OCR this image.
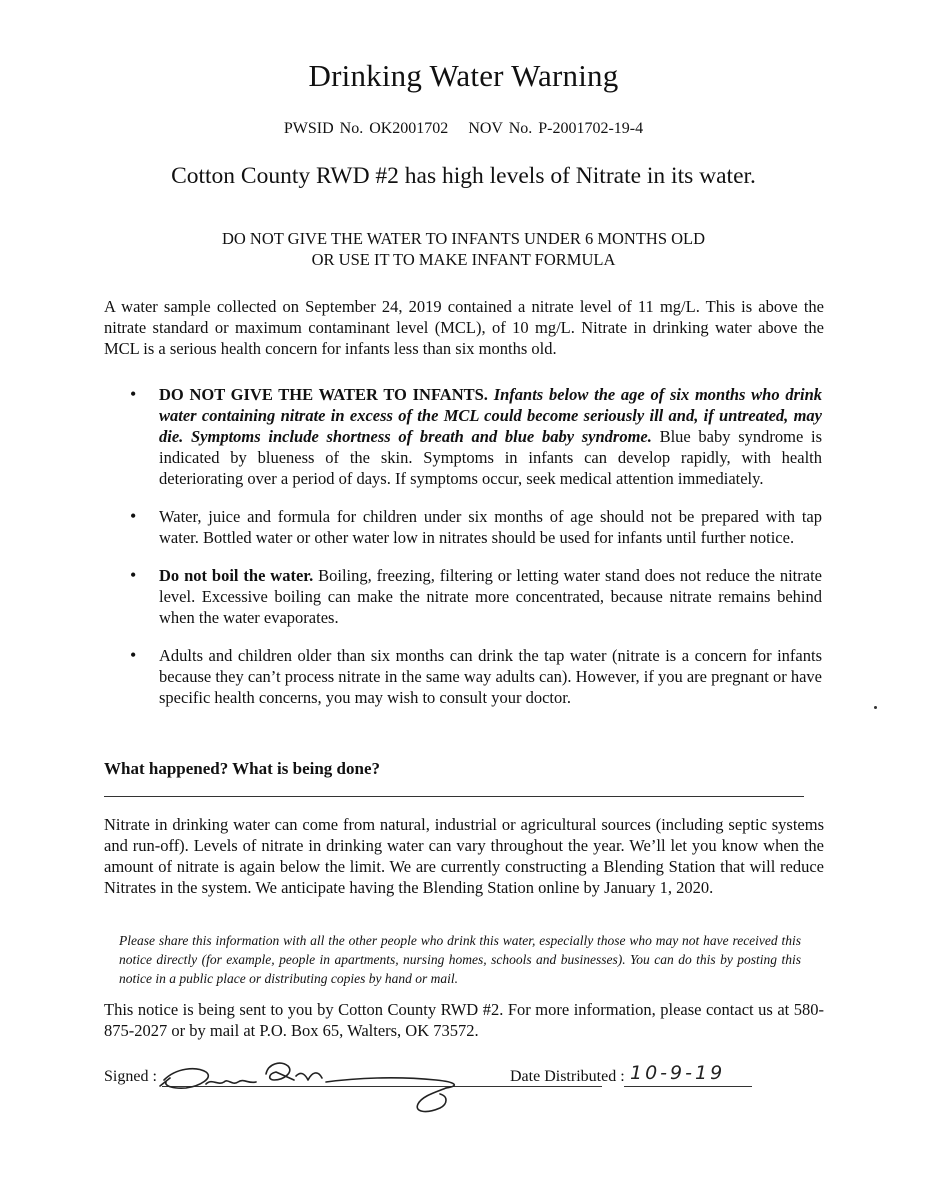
Drinking Water Warning
PWSID No. OK2001702 NOV No. P-2001702-19-4
Cotton County RWD #2 has high levels of Nitrate in its water.
DO NOT GIVE THE WATER TO INFANTS UNDER 6 MONTHS OLD
OR USE IT TO MAKE INFANT FORMULA
A water sample collected on September 24, 2019 contained a nitrate level of 11 mg/L. This is above the nitrate standard or maximum contaminant level (MCL), of 10 mg/L. Nitrate in drinking water above the MCL is a serious health concern for infants less than six months old.
• DO NOT GIVE THE WATER TO INFANTS. Infants below the age of six months who drink water containing nitrate in excess of the MCL could become seriously ill and, if untreated, may die. Symptoms include shortness of breath and blue baby syndrome. Blue baby syndrome is indicated by blueness of the skin. Symptoms in infants can develop rapidly, with health deteriorating over a period of days. If symptoms occur, seek medical attention immediately.
• Water, juice and formula for children under six months of age should not be prepared with tap water. Bottled water or other water low in nitrates should be used for infants until further notice.
• Do not boil the water. Boiling, freezing, filtering or letting water stand does not reduce the nitrate level. Excessive boiling can make the nitrate more concentrated, because nitrate remains behind when the water evaporates.
• Adults and children older than six months can drink the tap water (nitrate is a concern for infants because they can’t process nitrate in the same way adults can). However, if you are pregnant or have specific health concerns, you may wish to consult your doctor.
What happened? What is being done?
Nitrate in drinking water can come from natural, industrial or agricultural sources (including septic systems and run-off). Levels of nitrate in drinking water can vary throughout the year. We’ll let you know when the amount of nitrate is again below the limit. We are currently constructing a Blending Station that will reduce Nitrates in the system. We anticipate having the Blending Station online by January 1, 2020.
Please share this information with all the other people who drink this water, especially those who may not have received this notice directly (for example, people in apartments, nursing homes, schools and businesses). You can do this by posting this notice in a public place or distributing copies by hand or mail.
This notice is being sent to you by Cotton County RWD #2. For more information, please contact us at 580-875-2027 or by mail at P.O. Box 65, Walters, OK 73572.
Signed :	Date Distributed : 10-9-19
